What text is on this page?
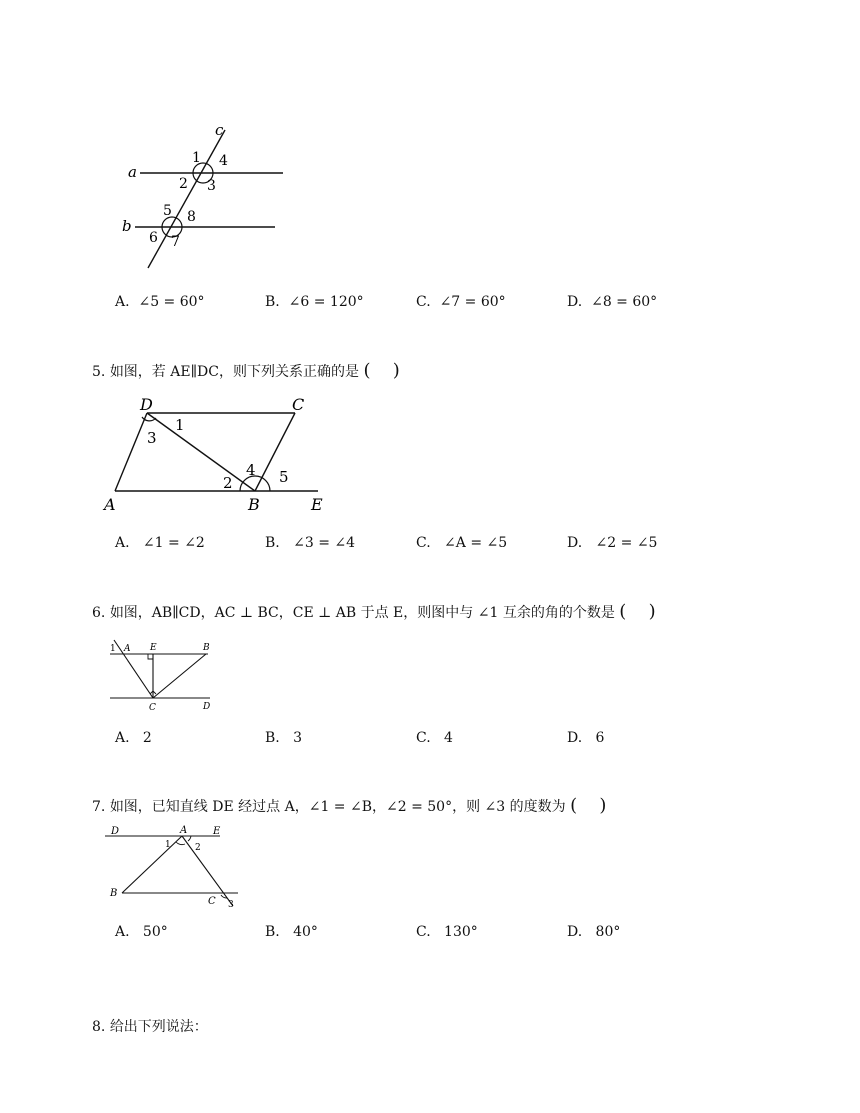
c
a
b
1 4
2 3
5 8
6 7
A. ∠5 = 60°	B. ∠6 = 120°	C. ∠7 = 60°	D. ∠8 = 60°
5. 如图，若 AE∥DC，则下列关系正确的是 ( )
D	C
A	B	E
1
3
2
4 5
A. ∠1 = ∠2	B. ∠3 = ∠4	C. ∠A = ∠5	D. ∠2 = ∠5
6. 如图，AB∥CD，AC ⊥ BC，CE ⊥ AB 于点 E，则图中与 ∠1 互余的角的个数是 ( )
1 A E	B
C	D
A. 2	B. 3	C. 4	D. 6
7. 如图，已知直线 DE 经过点 A，∠1 = ∠B，∠2 = 50°，则 ∠3 的度数为 ( )
D	A	E
1	2
B
C 3
A. 50°	B. 40°	C. 130°	D. 80°
8. 给出下列说法：
